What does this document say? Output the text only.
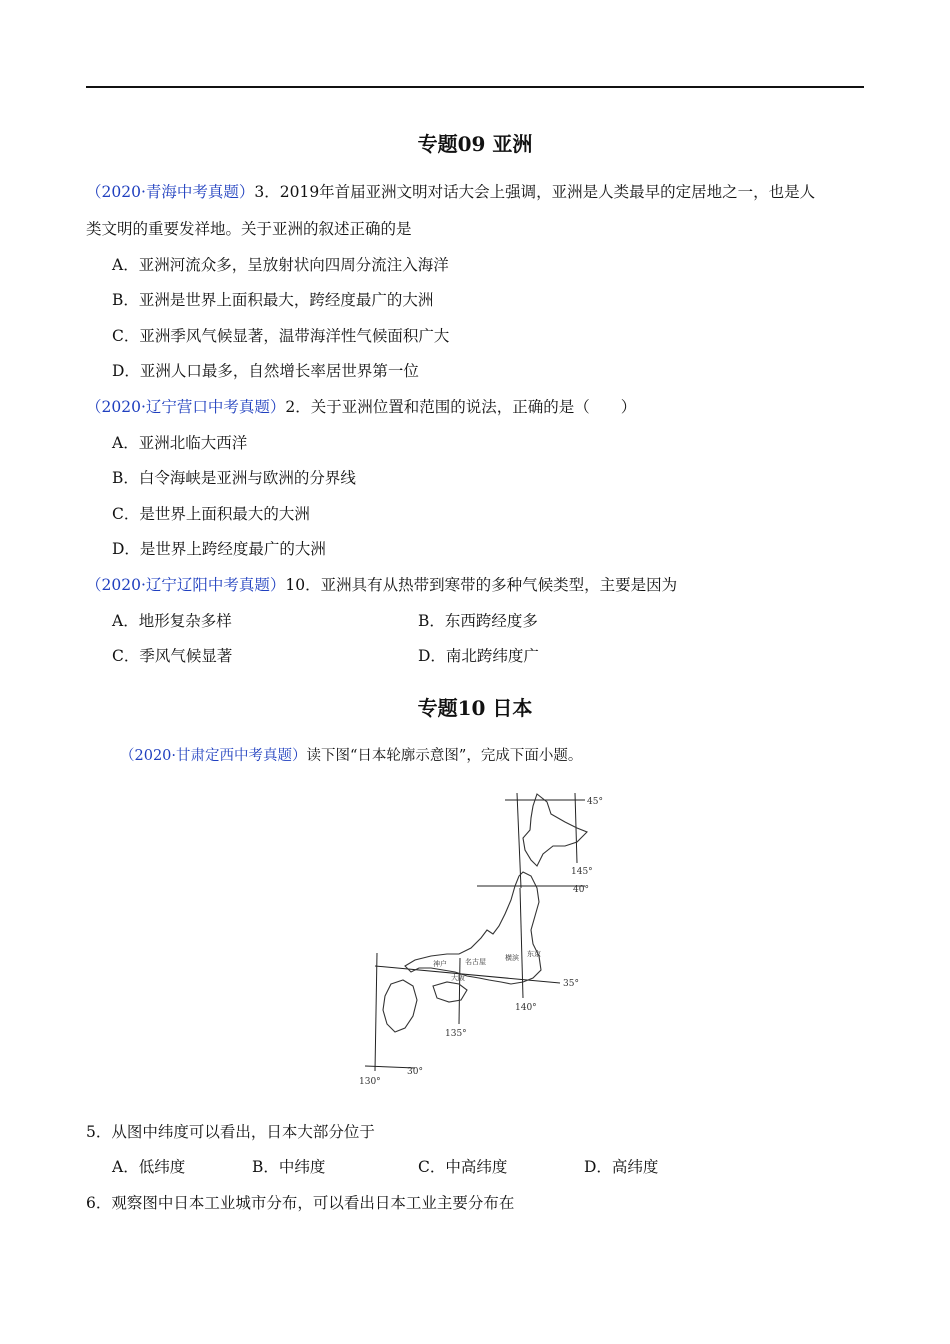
专题09 亚洲
（2020·青海中考真题）3．2019年首届亚洲文明对话大会上强调，亚洲是人类最早的定居地之一，也是人
类文明的重要发祥地。关于亚洲的叙述正确的是
A．亚洲河流众多，呈放射状向四周分流注入海洋
B．亚洲是世界上面积最大，跨经度最广的大洲
C．亚洲季风气候显著，温带海洋性气候面积广大
D．亚洲人口最多，自然增长率居世界第一位
（2020·辽宁营口中考真题）2．关于亚洲位置和范围的说法，正确的是（　　）
A．亚洲北临大西洋
B．白令海峡是亚洲与欧洲的分界线
C．是世界上面积最大的大洲
D．是世界上跨经度最广的大洲
（2020·辽宁辽阳中考真题）10．亚洲具有从热带到寒带的多种气候类型，主要是因为
A．地形复杂多样	B．东西跨经度多
C．季风气候显著	D．南北跨纬度广
专题10 日本
（2020·甘肃定西中考真题）读下图“日本轮廓示意图”，完成下面小题。
45°
145°
40°
35°
140°
135°
130°
30°
名古屋	横滨 东京
神户
大阪
5．从图中纬度可以看出，日本大部分位于
A．低纬度	B．中纬度	C．中高纬度	D．高纬度
6．观察图中日本工业城市分布，可以看出日本工业主要分布在
